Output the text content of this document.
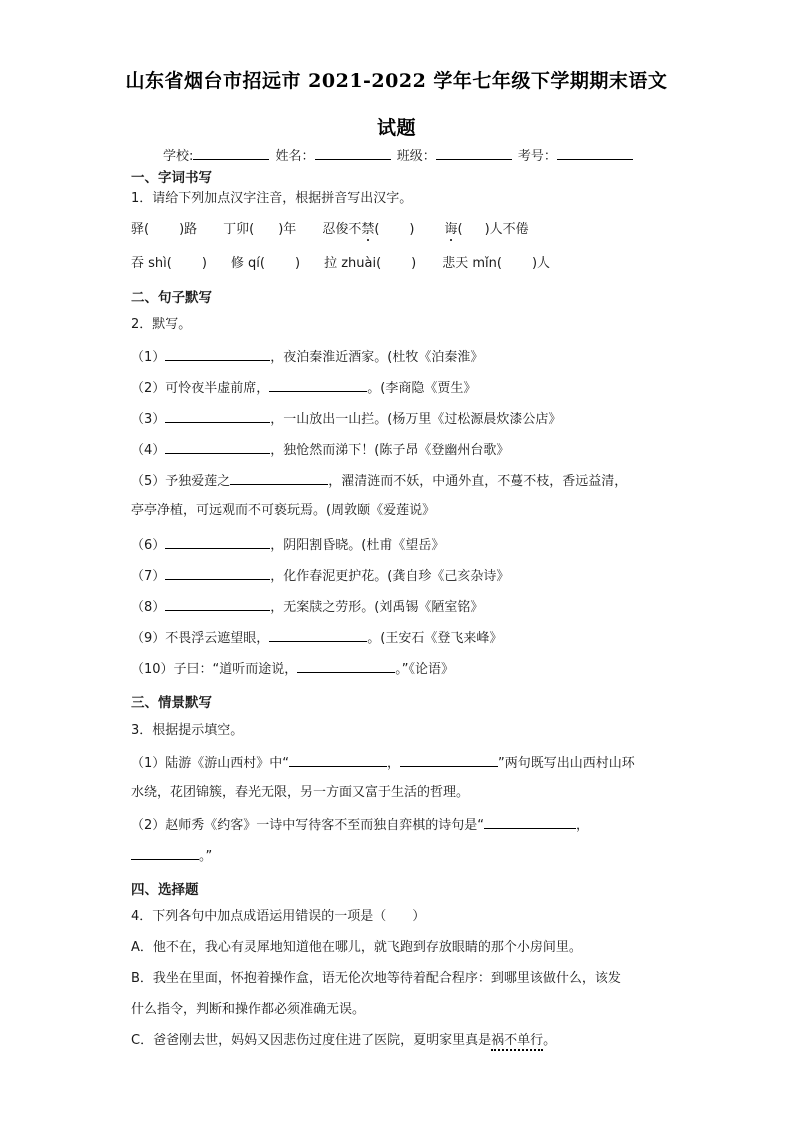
山东省烟台市招远市 2021-2022 学年七年级下学期期末语文
试题
学校:	姓名：	班级：	考号：
一、字词书写
1．请给下列加点汉字注音，根据拼音写出汉字。
驿( )路 丁卯( )年 忍俊不禁( ) 诲( )人不倦
吞 shì( ) 修 qí( ) 拉 zhuài( ) 悲天 mǐn( )人
二、句子默写
2．默写。
（1）	，夜泊秦淮近酒家。(杜牧《泊秦淮》
（2）可怜夜半虚前席，	。(李商隐《贾生》
（3）	，一山放出一山拦。(杨万里《过松源晨炊漆公店》
（4）	，独怆然而涕下！(陈子昂《登幽州台歌》
（5）予独爱莲之	，濯清涟而不妖，中通外直，不蔓不枝，香远益清，
亭亭净植，可远观而不可亵玩焉。(周敦颐《爱莲说》
（6）	，阴阳割昏晓。(杜甫《望岳》
（7）	，化作春泥更护花。(龚自珍《己亥杂诗》
（8）	，无案牍之劳形。(刘禹锡《陋室铭》
（9）不畏浮云遮望眼，	。(王安石《登飞来峰》
（10）子曰：“道听而途说，	。”《论语》
三、情景默写
3．根据提示填空。
（1）陆游《游山西村》中“	，	”两句既写出山西村山环
水绕，花团锦簇，春光无限，另一方面又富于生活的哲理。
（2）赵师秀《约客》一诗中写待客不至而独自弈棋的诗句是“	，
。”
四、选择题
4．下列各句中加点成语运用错误的一项是（　　）
A．他不在，我心有灵犀地知道他在哪儿，就飞跑到存放眼睛的那个小房间里。
B．我坐在里面，怀抱着操作盒，语无伦次地等待着配合程序：到哪里该做什么，该发
什么指令，判断和操作都必须准确无误。
C．爸爸刚去世，妈妈又因悲伤过度住进了医院，夏明家里真是祸不单行。
